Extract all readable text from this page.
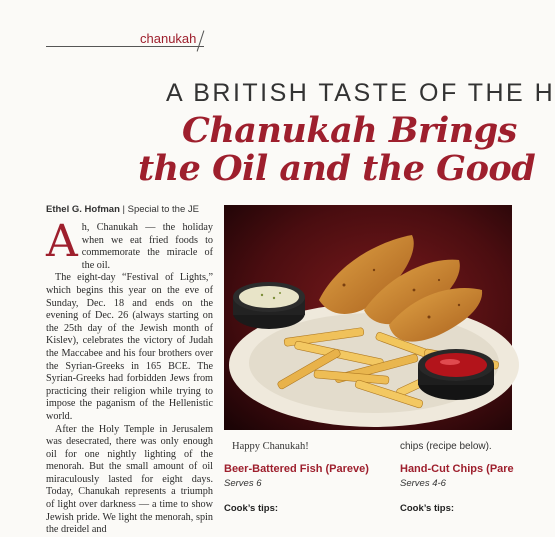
chanukah
A BRITISH TASTE OF THE H
Chanukah Brings
the Oil and the Good
Ethel G. Hofman | Special to the JE

Ah, Chanukah — the holiday when we eat fried foods to commemorate the miracle of the oil.

The eight-day “Festival of Lights,” which begins this year on the eve of Sunday, Dec. 18 and ends on the evening of Dec. 26 (always starting on the 25th day of the Jewish month of Kislev), celebrates the victory of Judah the Maccabee and his four brothers over the Syrian-Greeks in 165 BCE. The Syrian-Greeks had forbidden Jews from practicing their religion while trying to impose the paganism of the Hellenistic world.

After the Holy Temple in Jerusalem was desecrated, there was only enough oil for one nightly lighting of the menorah. But the small amount of oil miraculously lasted for eight days. Today, Chanukah represents a triumph of light over darkness — a time to show Jewish pride. We light the menorah, spin the dreidel and

Happy Chanukah!	chips (recipe below).
Beer-Battered Fish (Pareve)
Serves 6
Cook’s tips:
Hand-Cut Chips (Pare
Serves 4-6
Cook’s tips:
